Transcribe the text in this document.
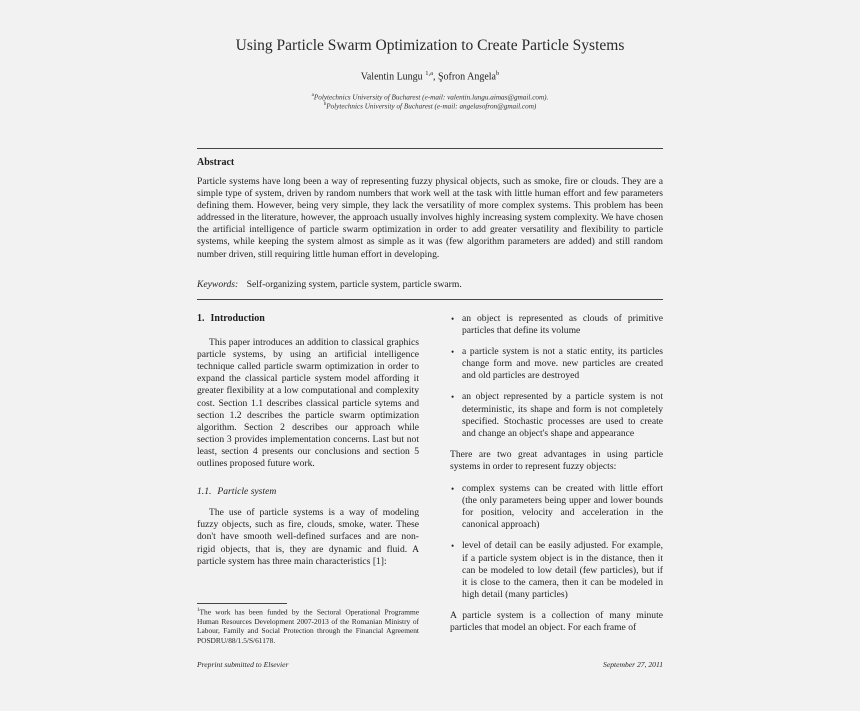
Using Particle Swarm Optimization to Create Particle Systems
Valentin Lungu $^{1,a}$, Şofron Angela$^b$
$^a$Polytechnics University of Bucharest (e-mail: valentin.lungu.aimas@gmail.com).
$^b$Polytechnics University of Bucharest (e-mail: angelasofron@gmail.com)
Abstract
Particle systems have long been a way of representing fuzzy physical objects, such as smoke, fire or clouds. They are a simple type of system, driven by random numbers that work well at the task with little human effort and few parameters defining them. However, being very simple, they lack the versatility of more complex systems. This problem has been addressed in the literature, however, the approach usually involves highly increasing system complexity. We have chosen the artificial intelligence of particle swarm optimization in order to add greater versatility and flexibility to particle systems, while keeping the system almost as simple as it was (few algorithm parameters are added) and still random number driven, still requiring little human effort in developing.
Keywords: Self-organizing system, particle system, particle swarm.
1. Introduction

This paper introduces an addition to classical graphics particle systems, by using an artificial intelligence technique called particle swarm optimization in order to expand the classical particle system model affording it greater flexibility at a low computational and complexity cost. Section 1.1 describes classical particle sytems and section 1.2 describes the particle swarm optimization algorithm. Section 2 describes our approach while section 3 provides implementation concerns. Last but not least, section 4 presents our conclusions and section 5 outlines proposed future work.

1.1. Particle system

The use of particle systems is a way of modeling fuzzy objects, such as fire, clouds, smoke, water. These don't have smooth well-defined surfaces and are non-rigid objects, that is, they are dynamic and fluid. A particle system has three main characteristics [1]:

$^1$The work has been funded by the Sectoral Operational Programme Human Resources Development 2007-2013 of the Romanian Ministry of Labour, Family and Social Protection through the Financial Agreement POSDRU/88/1.5/S/61178.
• an object is represented as clouds of primitive particles that define its volume
• a particle system is not a static entity, its particles change form and move. new particles are created and old particles are destroyed
• an object represented by a particle system is not deterministic, its shape and form is not completely specified. Stochastic processes are used to create and change an object's shape and appearance

There are two great advantages in using particle systems in order to represent fuzzy objects:

• complex systems can be created with little effort (the only parameters being upper and lower bounds for position, velocity and acceleration in the canonical approach)
• level of detail can be easily adjusted. For example, if a particle system object is in the distance, then it can be modeled to low detail (few particles), but if it is close to the camera, then it can be modeled in high detail (many particles)

A particle system is a collection of many minute particles that model an object. For each frame of

Preprint submitted to Elsevier	September 27, 2011
